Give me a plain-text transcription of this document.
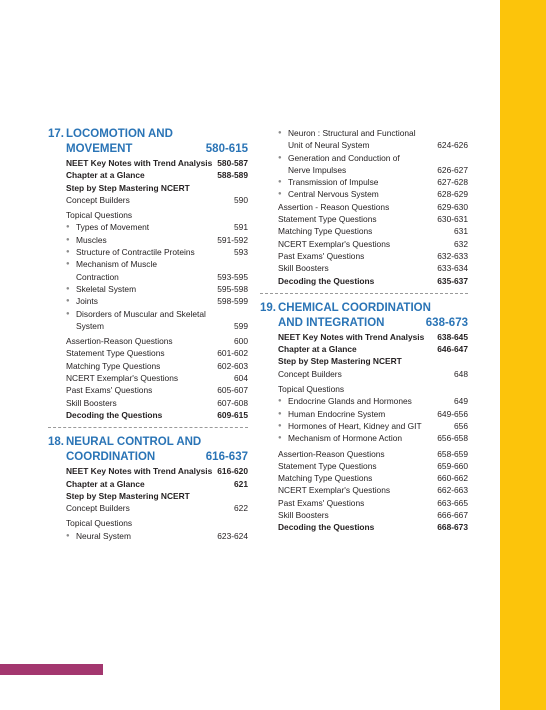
17. LOCOMOTION AND
MOVEMENT	580-615
NEET Key Notes with Trend Analysis 580-587
Chapter at a Glance	588-589
Step by Step Mastering NCERT
Concept Builders	590
Topical Questions
● Types of Movement	591
● Muscles	591-592
● Structure of Contractile Proteins	593
● Mechanism of Muscle
Contraction	593-595
● Skeletal System	595-598
● Joints	598-599
● Disorders of Muscular and Skeletal
System	599
Assertion-Reason Questions	600
Statement Type Questions	601-602
Matching Type Questions	602-603
NCERT Exemplar's Questions	604
Past Exams' Questions	605-607
Skill Boosters	607-608
Decoding the Questions	609-615
18. NEURAL CONTROL AND
COORDINATION	616-637
NEET Key Notes with Trend Analysis 616-620
Chapter at a Glance	621
Step by Step Mastering NCERT
Concept Builders	622
Topical Questions
● Neural System	623-624
● Neuron : Structural and Functional
Unit of Neural System	624-626
● Generation and Conduction of
Nerve Impulses	626-627
● Transmission of Impulse	627-628
● Central Nervous System	628-629
Assertion - Reason Questions	629-630
Statement Type Questions	630-631
Matching Type Questions	631
NCERT Exemplar's Questions	632
Past Exams' Questions	632-633
Skill Boosters	633-634
Decoding the Questions	635-637
19. CHEMICAL COORDINATION
AND INTEGRATION	638-673
NEET Key Notes with Trend Analysis	638-645
Chapter at a Glance	646-647
Step by Step Mastering NCERT
Concept Builders	648
Topical Questions
● Endocrine Glands and Hormones	649
● Human Endocrine System	649-656
● Hormones of Heart, Kidney and GIT	656
● Mechanism of Hormone Action	656-658
Assertion-Reason Questions	658-659
Statement Type Questions	659-660
Matching Type Questions	660-662
NCERT Exemplar's Questions	662-663
Past Exams' Questions	663-665
Skill Boosters	666-667
Decoding the Questions	668-673
